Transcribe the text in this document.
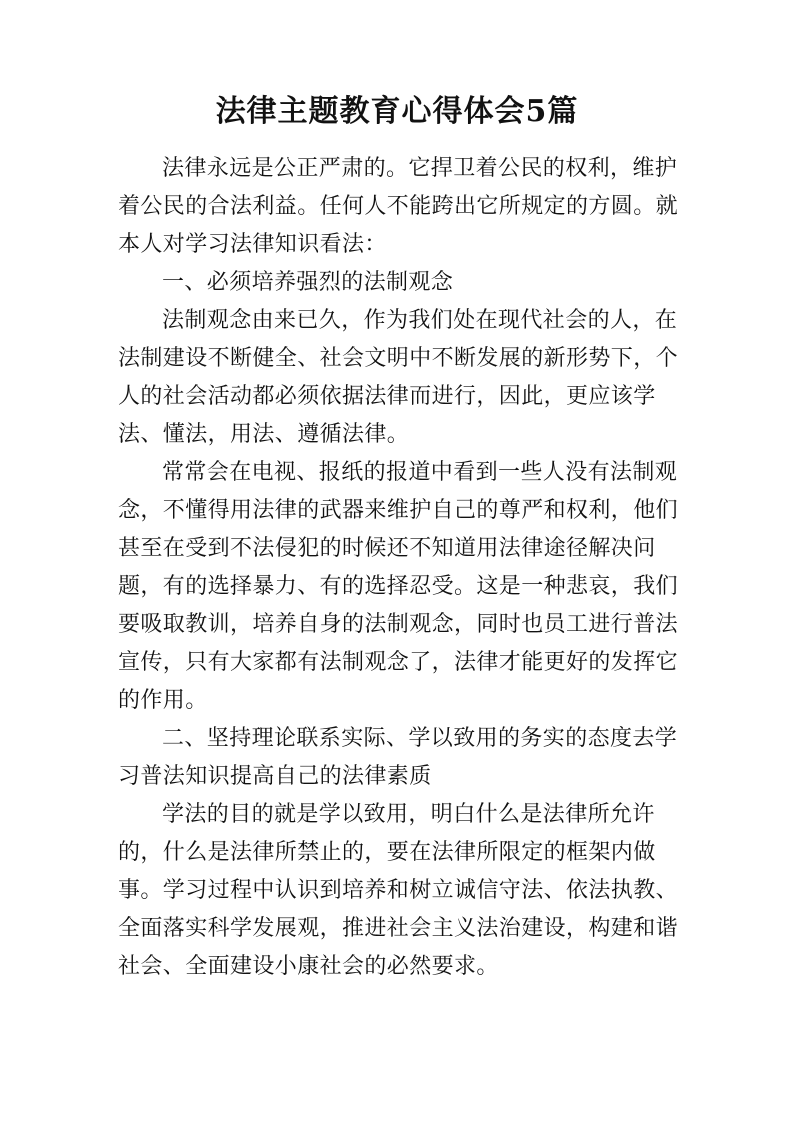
法律主题教育心得体会5篇

法律永远是公正严肃的。它捍卫着公民的权利，维护着公民的合法利益。任何人不能跨出它所规定的方圆。就本人对学习法律知识看法：

一、必须培养强烈的法制观念

法制观念由来已久，作为我们处在现代社会的人，在法制建设不断健全、社会文明中不断发展的新形势下，个人的社会活动都必须依据法律而进行，因此，更应该学法、懂法，用法、遵循法律。

常常会在电视、报纸的报道中看到一些人没有法制观念，不懂得用法律的武器来维护自己的尊严和权利，他们甚至在受到不法侵犯的时候还不知道用法律途径解决问题，有的选择暴力、有的选择忍受。这是一种悲哀，我们要吸取教训，培养自身的法制观念，同时也员工进行普法宣传，只有大家都有法制观念了，法律才能更好的发挥它的作用。

二、坚持理论联系实际、学以致用的务实的态度去学习普法知识提高自己的法律素质

学法的目的就是学以致用，明白什么是法律所允许的，什么是法律所禁止的，要在法律所限定的框架内做事。学习过程中认识到培养和树立诚信守法、依法执教、全面落实科学发展观，推进社会主义法治建设，构建和谐社会、全面建设小康社会的必然要求。
